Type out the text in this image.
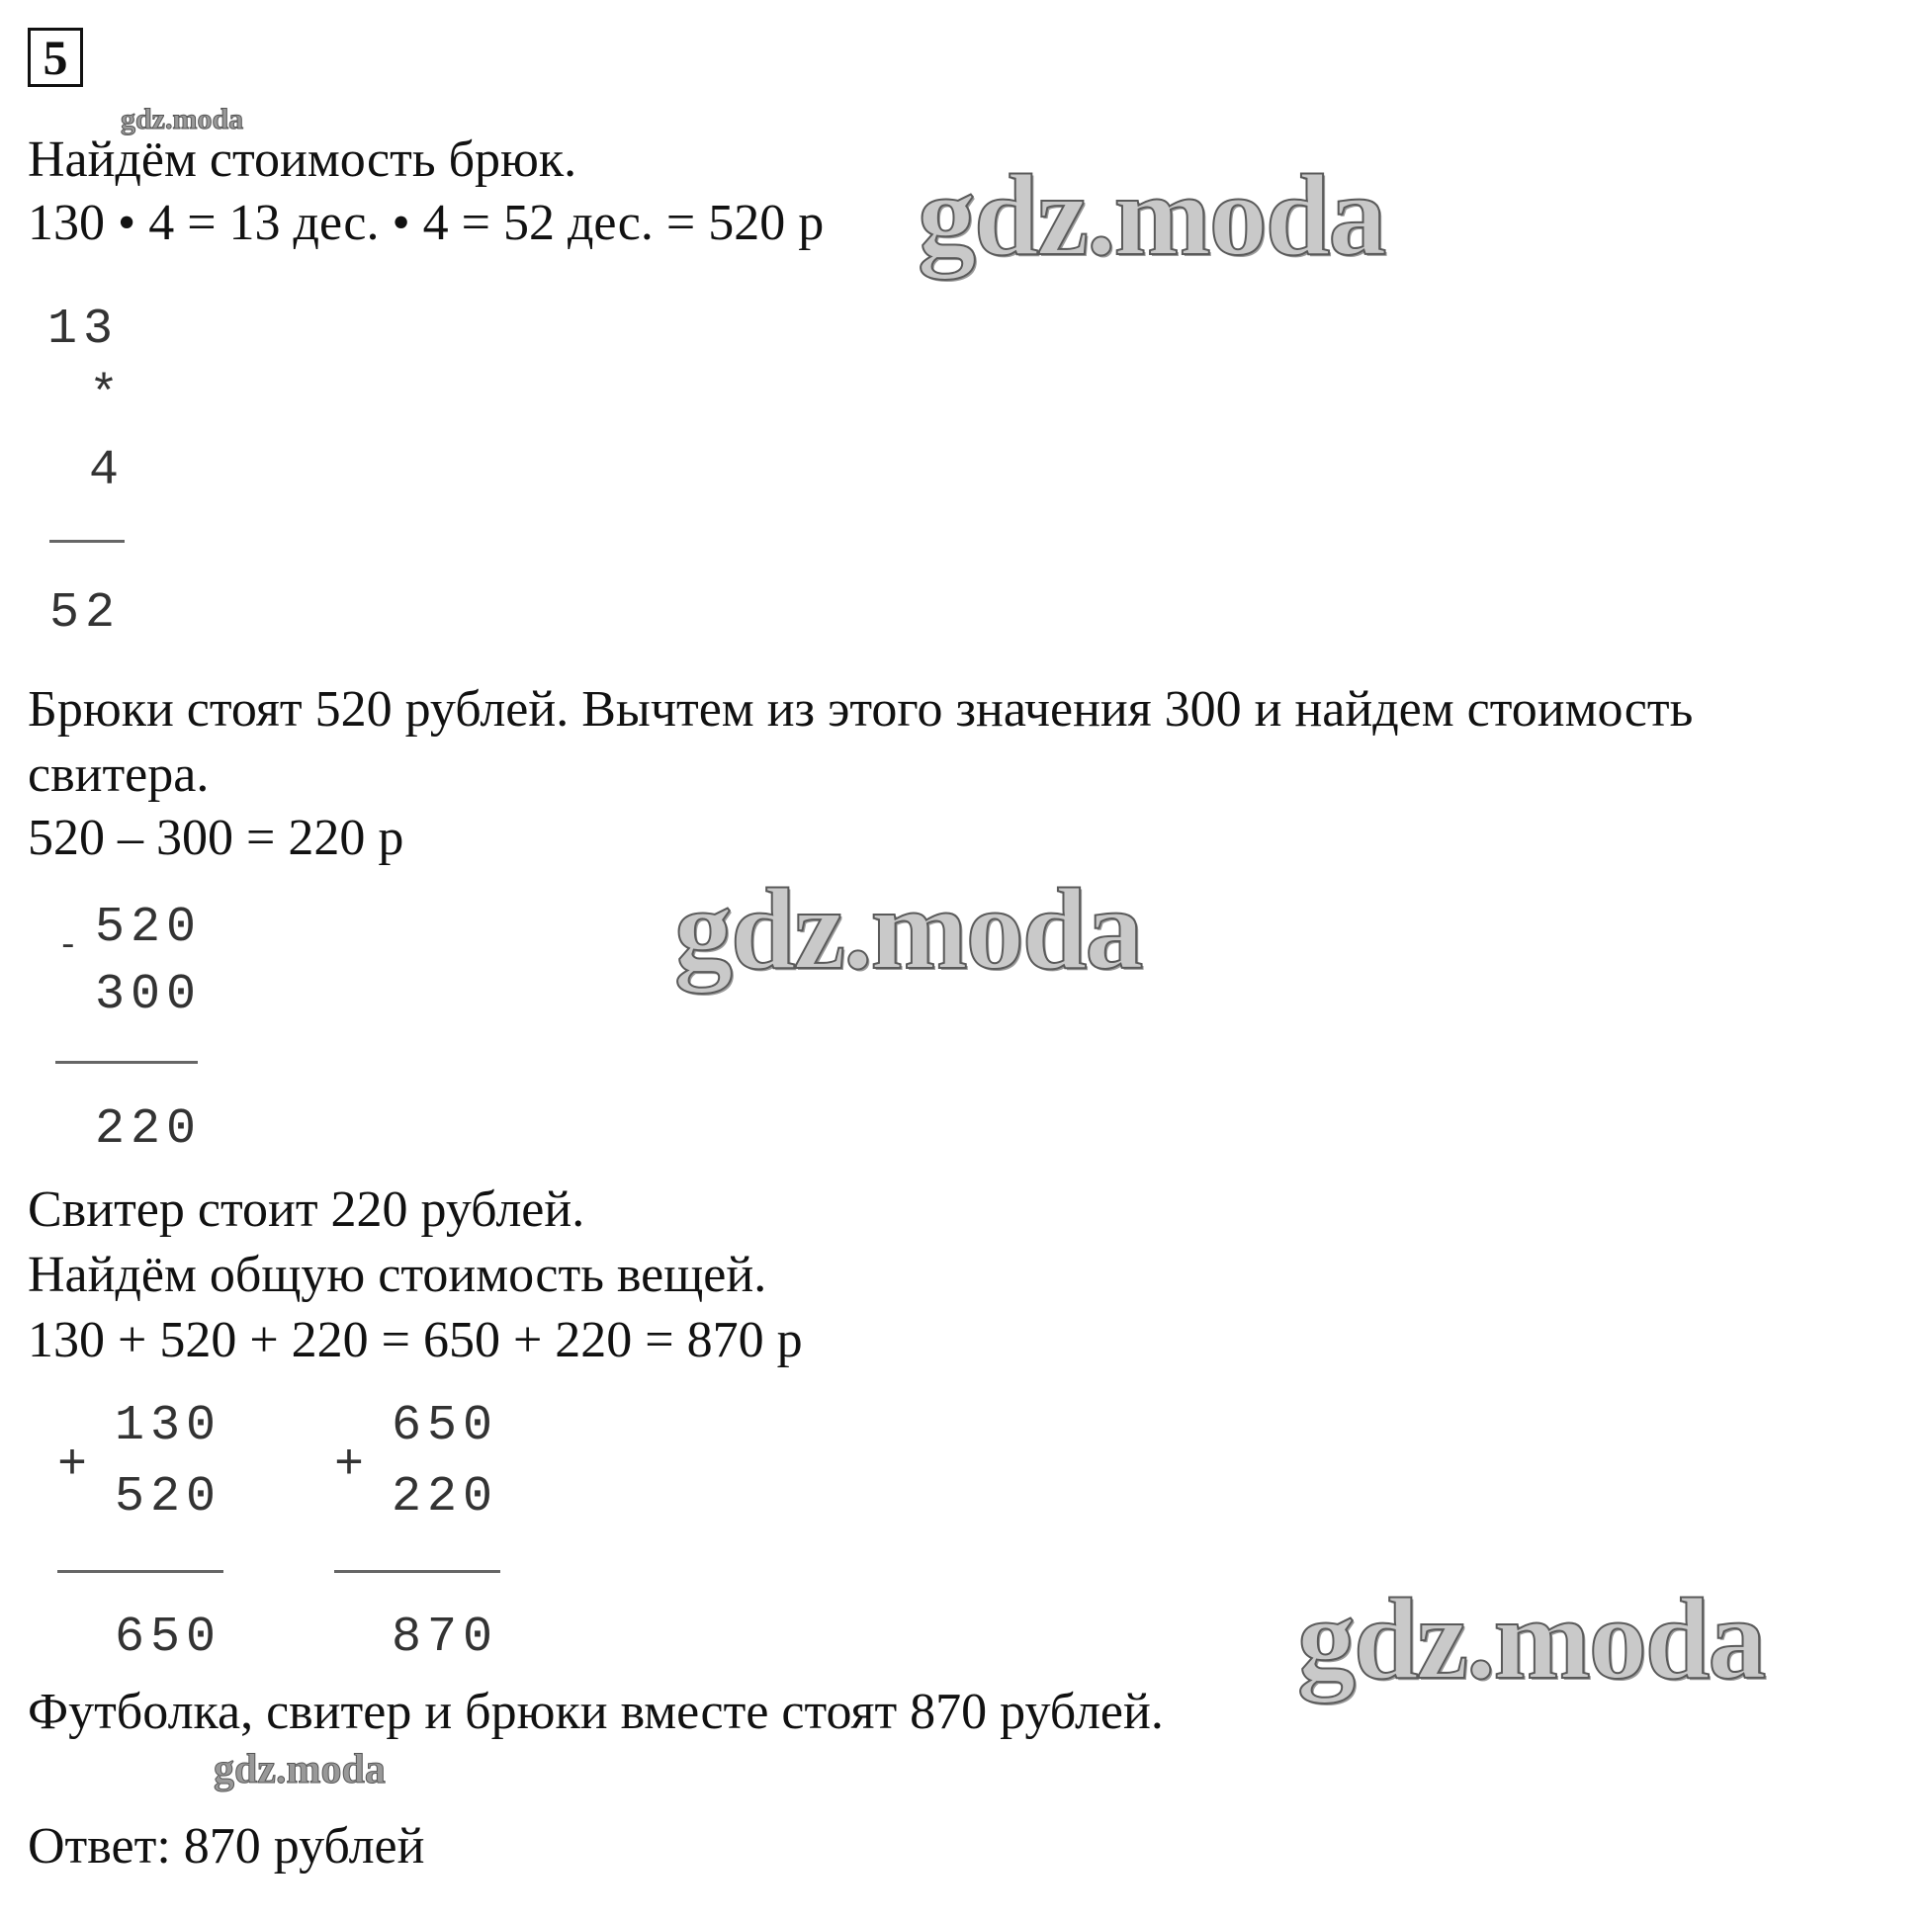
5
gdz.moda
Найдём стоимость брюк.
130 • 4 = 13 дес. • 4 = 52 дес. = 520 р gdz.moda
13
*
4
52
Брюки стоят 520 рублей. Вычтем из этого значения 300 и найдем стоимость
свитера.
520 – 300 = 220 р
- 520
300
220
gdz.moda
Свитер стоит 220 рублей.
Найдём общую стоимость вещей.
130 + 520 + 220 = 650 + 220 = 870 р
+
130
520
650
+
650
220
870	gdz.moda
Футболка, свитер и брюки вместе стоят 870 рублей.
gdz.moda
Ответ: 870 рублей
